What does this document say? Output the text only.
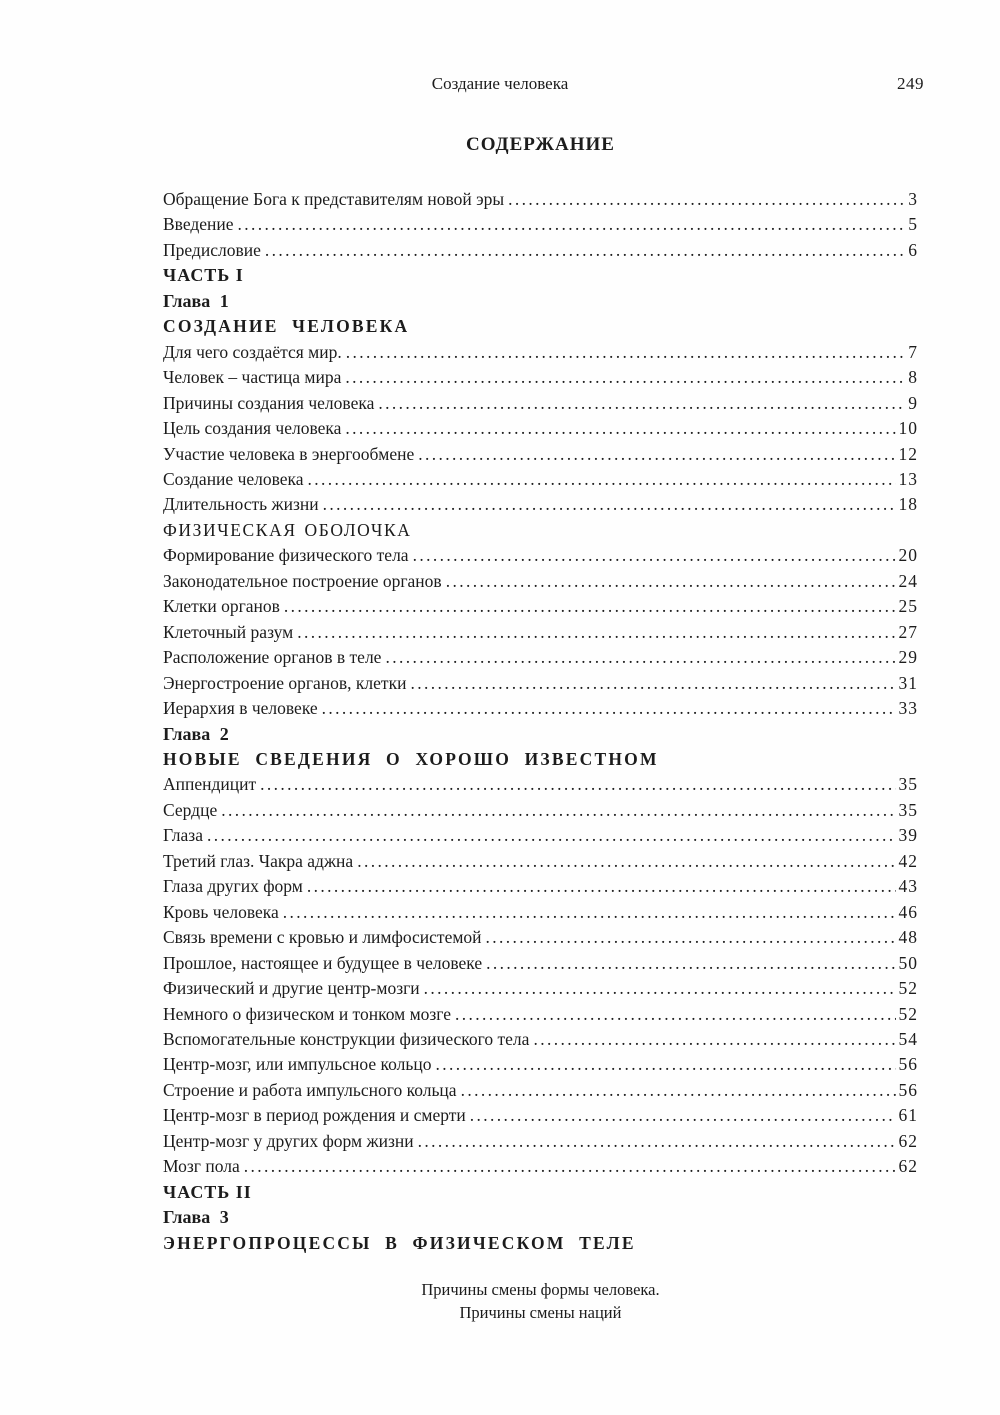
Создание человека	249
СОДЕРЖАНИЕ
Обращение Бога к представителям новой эры . . .	3
Введение . . .	5
Предисловие . . .	6
ЧАСТЬ I
Глава 1
СОЗДАНИЕ ЧЕЛОВЕКА
Для чего создаётся мир. . . .	7
Человек – частица мира . . .	8
Причины создания человека . . .	9
Цель создания человека . . .	10
Участие человека в энергообмене . . .	12
Создание человека . . .	13
Длительность жизни . . .	18
ФИЗИЧЕСКАЯ ОБОЛОЧКА
Формирование физического тела . . .	20
Законодательное построение органов . . .	24
Клетки органов . . .	25
Клеточный разум . . .	27
Расположение органов в теле . . .	29
Энергостроение органов, клетки . . .	31
Иерархия в человеке . . .	33
Глава 2
НОВЫЕ СВЕДЕНИЯ О ХОРОШО ИЗВЕСТНОМ
Аппендицит . . .	35
Сердце . . .	35
Глаза . . .	39
Третий глаз. Чакра аджна . . .	42
Глаза других форм . . .	43
Кровь человека . . .	46
Связь времени с кровью и лимфосистемой . . .	48
Прошлое, настоящее и будущее в человеке . . .	50
Физический и другие центр-мозги . . .	52
Немного о физическом и тонком мозге . . .	52
Вспомогательные конструкции физического тела . . .	54
Центр-мозг, или импульсное кольцо . . .	56
Строение и работа импульсного кольца . . .	56
Центр-мозг в период рождения и смерти . . .	61
Центр-мозг у других форм жизни . . .	62
Мозг пола . . .	62
ЧАСТЬ II
Глава 3
ЭНЕРГОПРОЦЕССЫ В ФИЗИЧЕСКОМ ТЕЛЕ
Причины смены формы человека.
Причины смены наций
